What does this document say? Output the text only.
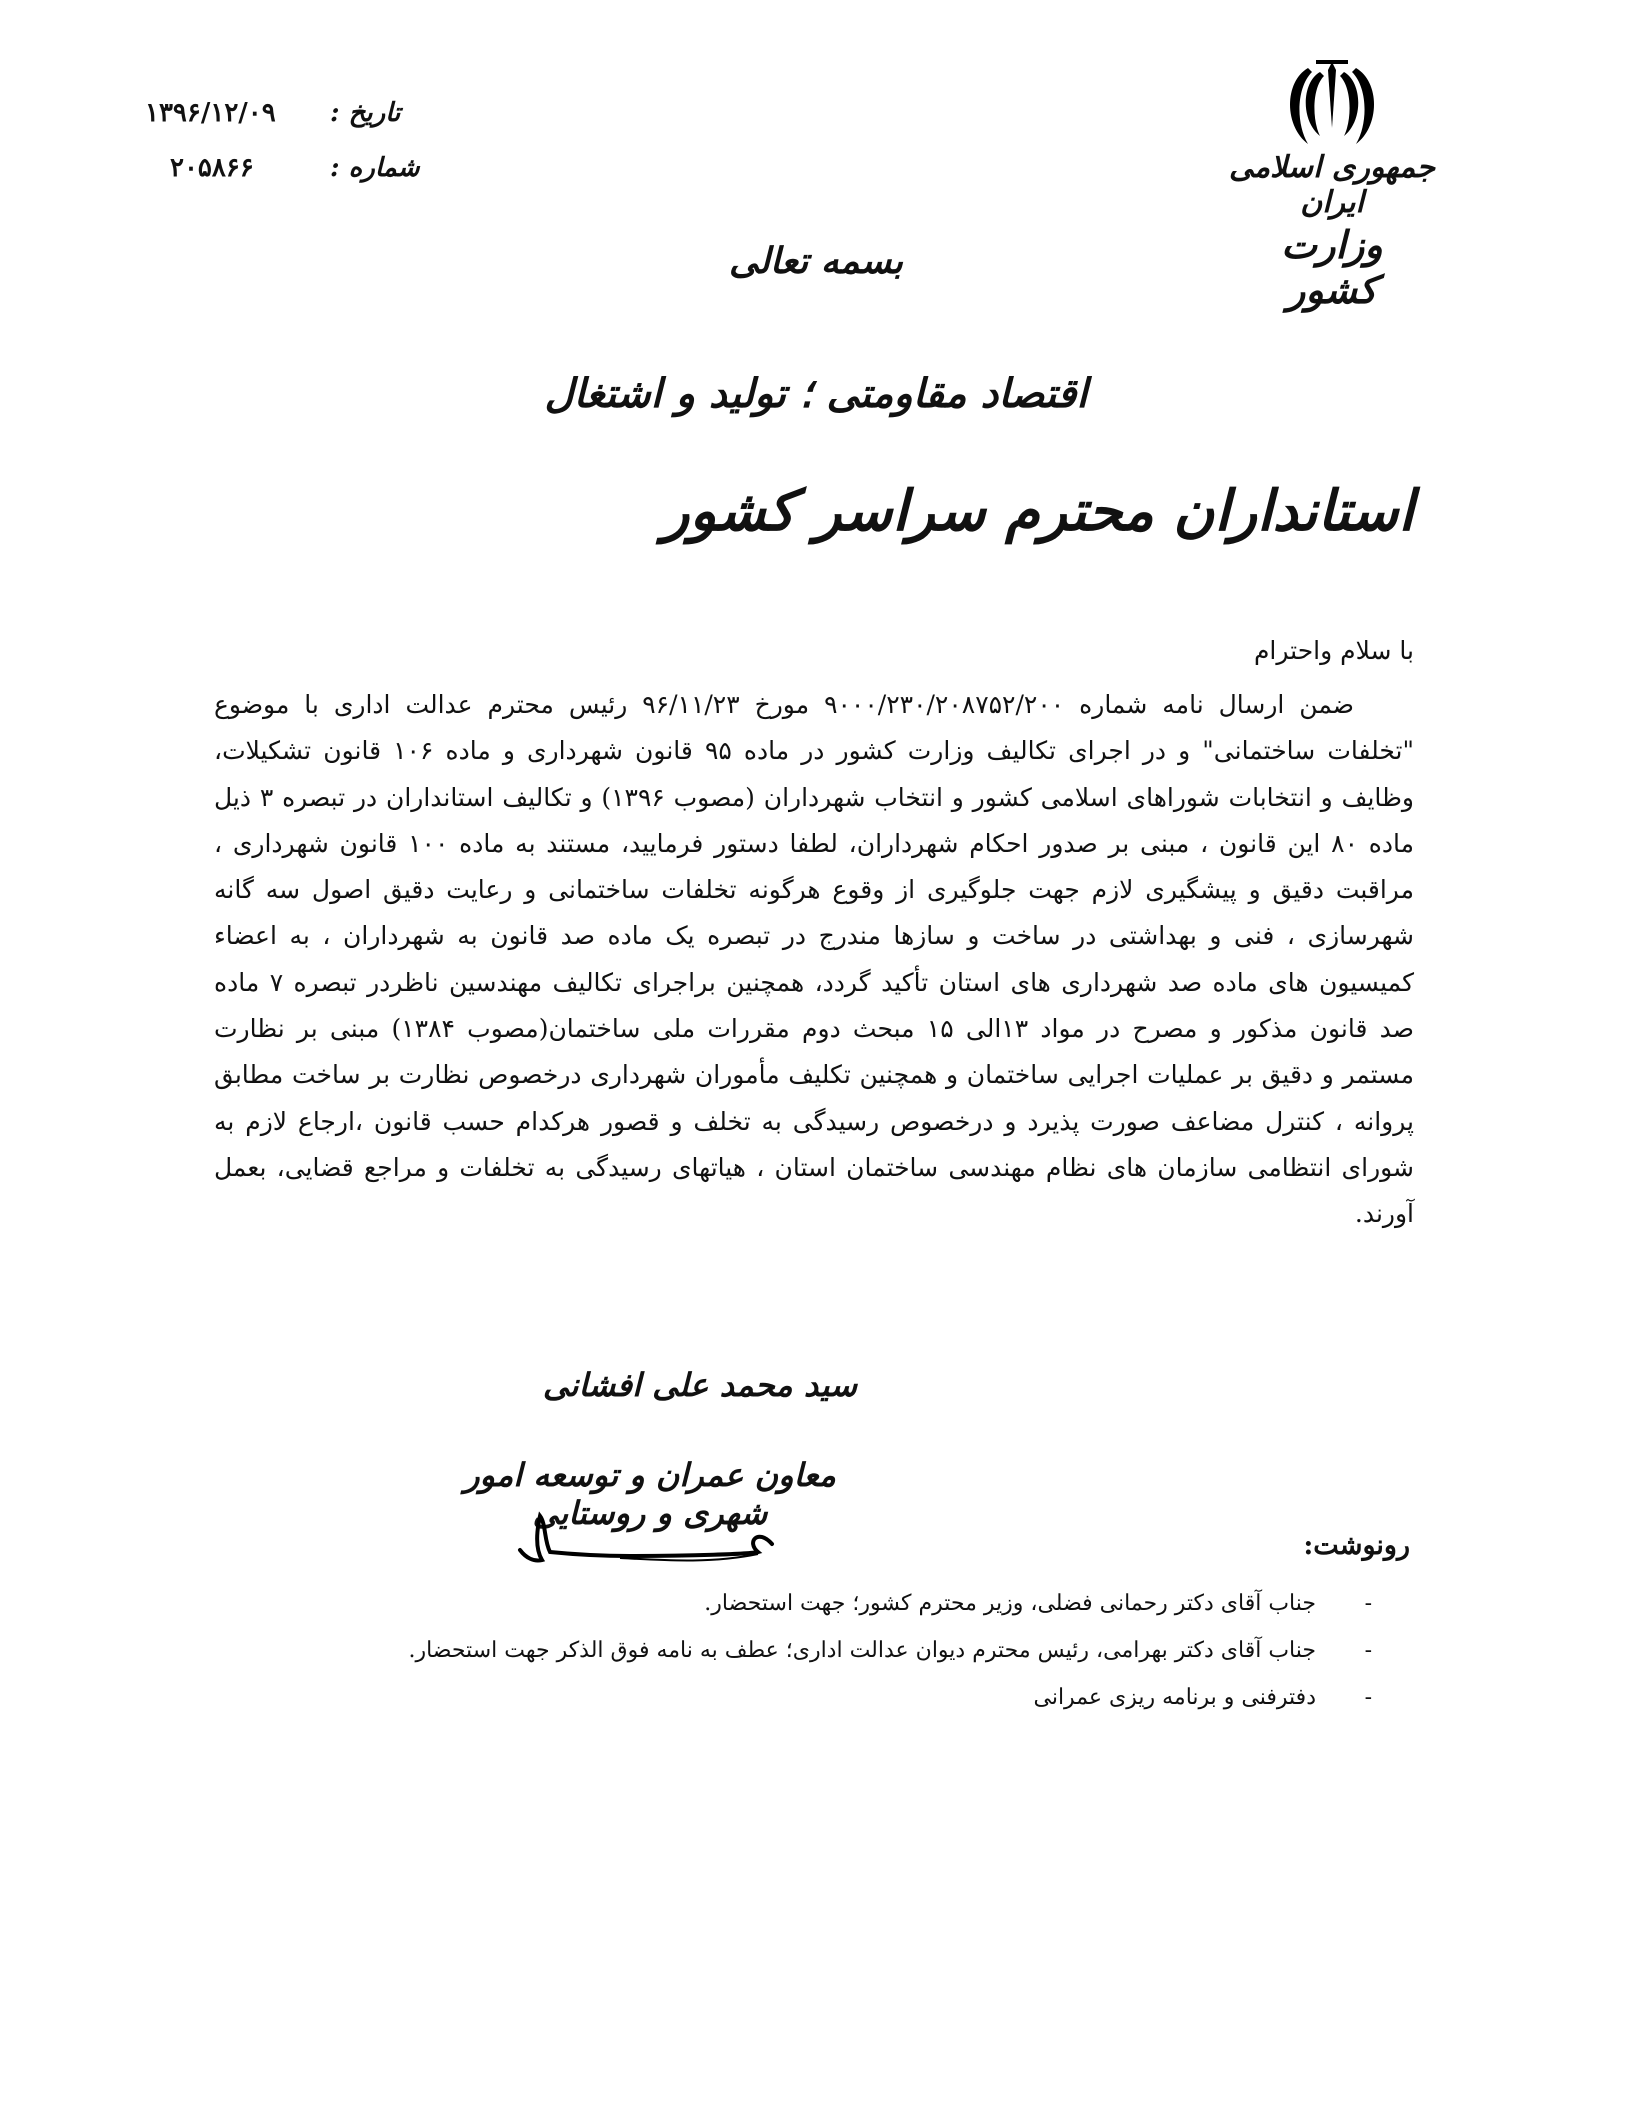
جمهوری اسلامی ایران
وزارت کشور
تاریخ :
۱۳۹۶/۱۲/۰۹
شماره :
۲۰۵۸۶۶
بسمه تعالی
اقتصاد مقاومتی ؛ تولید و اشتغال
استانداران محترم سراسر کشور
با سلام واحترام

ضمن ارسال نامه شماره ۹۰۰۰/۲۳۰/۲۰۸۷۵۲/۲۰۰ مورخ ۹۶/۱۱/۲۳ رئیس محترم عدالت اداری با موضوع "تخلفات ساختمانی" و در اجرای تکالیف وزارت کشور در ماده ۹۵ قانون شهرداری و ماده ۱۰۶ قانون تشکیلات، وظایف و انتخابات شوراهای اسلامی کشور و انتخاب شهرداران (مصوب ۱۳۹۶) و تکالیف استانداران در تبصره ۳ ذیل ماده ۸۰ این قانون ، مبنی بر صدور احکام شهرداران، لطفا دستور فرمایید، مستند به ماده ۱۰۰ قانون شهرداری ، مراقبت دقیق و پیشگیری لازم جهت جلوگیری از وقوع هرگونه تخلفات ساختمانی و رعایت دقیق اصول سه گانه شهرسازی ، فنی و بهداشتی در ساخت و سازها مندرج در تبصره یک ماده صد قانون به شهرداران ، به اعضاء کمیسیون های ماده صد شهرداری های استان تأکید گردد، همچنین براجرای تکالیف مهندسین ناظردر تبصره ۷ ماده صد قانون مذکور و مصرح در مواد ۱۳الی ۱۵ مبحث دوم مقررات ملی ساختمان(مصوب ۱۳۸۴) مبنی بر نظارت مستمر و دقیق بر عملیات اجرایی ساختمان و همچنین تکلیف مأموران شهرداری درخصوص نظارت بر ساخت مطابق پروانه ، کنترل مضاعف صورت پذیرد و درخصوص رسیدگی به تخلف و قصور هرکدام حسب قانون ،ارجاع لازم به شورای انتظامی سازمان های نظام مهندسی ساختمان استان ، هیاتهای رسیدگی به تخلفات و مراجع قضایی، بعمل آورند.

سید محمد علی افشانی
معاون عمران و توسعه امور شهری و روستایی
رونوشت:
-جناب آقای دکتر رحمانی فضلی، وزیر محترم کشور؛ جهت استحضار.
-جناب آقای دکتر بهرامی، رئیس محترم دیوان عدالت اداری؛ عطف به نامه فوق الذکر جهت استحضار.
-دفترفنی و برنامه ریزی عمرانی
